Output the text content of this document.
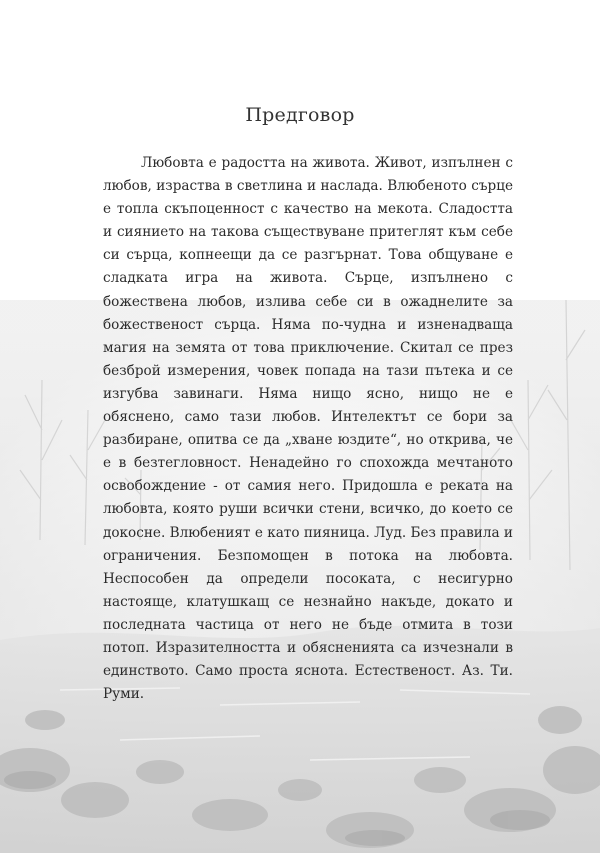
Предговор

Любовта е радостта на живота. Живот, изпълнен с любов, израства в светлина и наслада. Влюбеното сърце е топла скъпоценност с качество на мекота. Сладостта и сиянието на такова съществуване притеглят към себе си сърца, копнеещи да се разгърнат. Това общуване е сладката игра на живота. Сърце, изпълнено с божествена любов, излива себе си в ожаднелите за божественост сърца. Няма по-чудна и изненадваща магия на земята от това приключение. Скитал се през безброй измерения, човек попада на тази пътека и се изгубва завинаги. Няма нищо ясно, нищо не е обяснено, само тази любов. Интелектът се бори за разбиране, опитва се да „хване юздите“, но открива, че е в безтегловност. Ненадейно го спохожда мечтаното освобождение - от самия него. Придошла е реката на любовта, която руши всички стени, всичко, до което се докосне. Влюбеният е като пияница. Луд. Без правила и ограничения. Безпомощен в потока на любовта. Неспособен да определи посоката, с несигурно настояще, клатушкащ се незнайно накъде, докато и последната частица от него не бъде отмита в този потоп. Изразителността и обясненията са изчезнали в единството. Само проста яснота. Естественост. Аз. Ти. Руми.
